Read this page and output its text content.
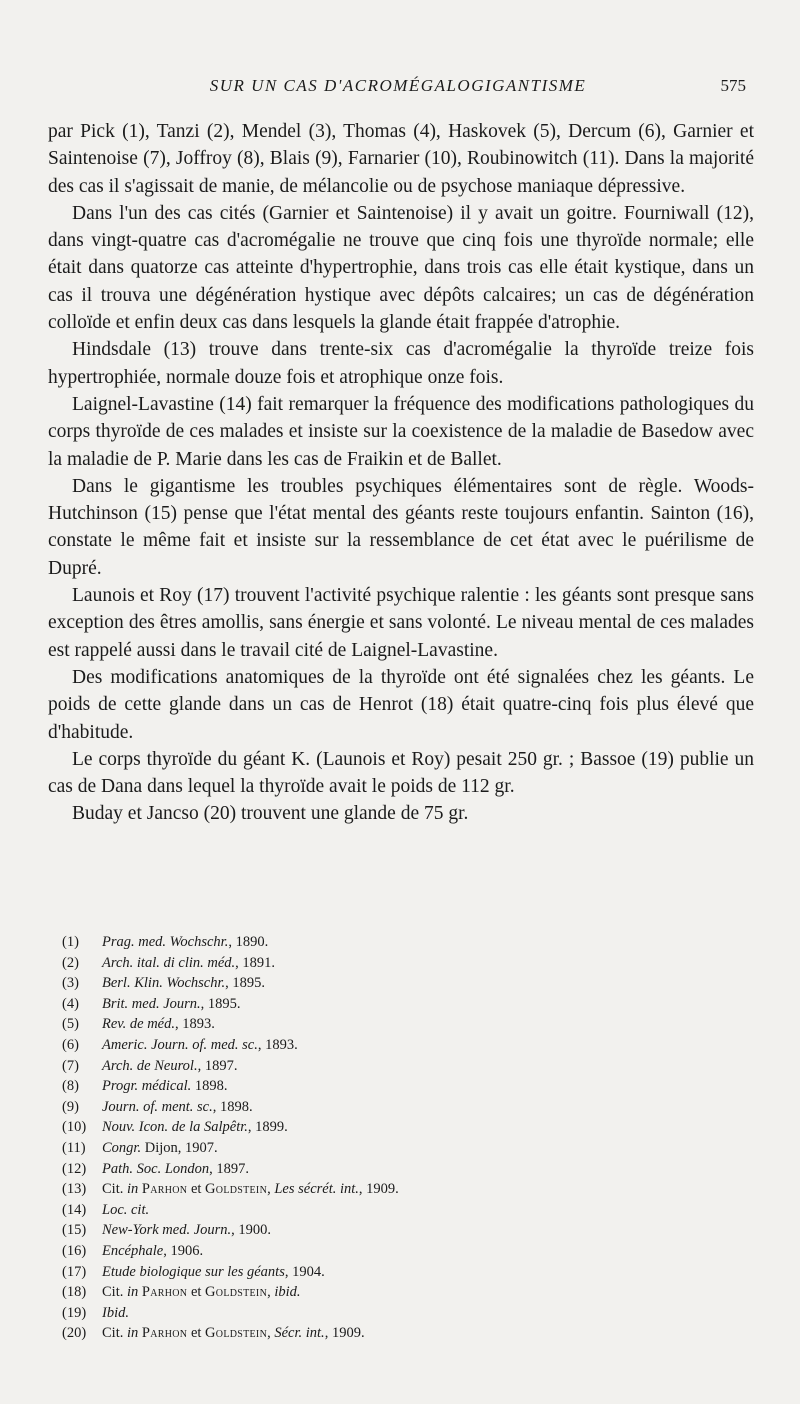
SUR UN CAS D'ACROMÉGALOGIGANTISME	575

par Pick (1), Tanzi (2), Mendel (3), Thomas (4), Haskovek (5), Dercum (6), Garnier et Saintenoise (7), Joffroy (8), Blais (9), Farnarier (10), Roubinowitch (11). Dans la majorité des cas il s'agissait de manie, de mélancolie ou de psychose maniaque dépressive.

Dans l'un des cas cités (Garnier et Saintenoise) il y avait un goitre. Fourniwall (12), dans vingt-quatre cas d'acromégalie ne trouve que cinq fois une thyroïde normale; elle était dans quatorze cas atteinte d'hypertrophie, dans trois cas elle était kystique, dans un cas il trouva une dégénération hystique avec dépôts calcaires; un cas de dégénération colloïde et enfin deux cas dans lesquels la glande était frappée d'atrophie.

Hindsdale (13) trouve dans trente-six cas d'acromégalie la thyroïde treize fois hypertrophiée, normale douze fois et atrophique onze fois.

Laignel-Lavastine (14) fait remarquer la fréquence des modifications pathologiques du corps thyroïde de ces malades et insiste sur la coexistence de la maladie de Basedow avec la maladie de P. Marie dans les cas de Fraikin et de Ballet.

Dans le gigantisme les troubles psychiques élémentaires sont de règle. Woods-Hutchinson (15) pense que l'état mental des géants reste toujours enfantin. Sainton (16), constate le même fait et insiste sur la ressemblance de cet état avec le puérilisme de Dupré.

Launois et Roy (17) trouvent l'activité psychique ralentie : les géants sont presque sans exception des êtres amollis, sans énergie et sans volonté. Le niveau mental de ces malades est rappelé aussi dans le travail cité de Laignel-Lavastine.

Des modifications anatomiques de la thyroïde ont été signalées chez les géants. Le poids de cette glande dans un cas de Henrot (18) était quatre-cinq fois plus élevé que d'habitude.

Le corps thyroïde du géant K. (Launois et Roy) pesait 250 gr. ; Bassoe (19) publie un cas de Dana dans lequel la thyroïde avait le poids de 112 gr.

Buday et Jancso (20) trouvent une glande de 75 gr.

(1)	Prag. med. Wochschr., 1890.
(2)	Arch. ital. di clin. méd., 1891.
(3)	Berl. Klin. Wochschr., 1895.
(4)	Brit. med. Journ., 1895.
(5)	Rev. de méd., 1893.
(6)	Americ. Journ. of. med. sc., 1893.
(7)	Arch. de Neurol., 1897.
(8)	Progr. médical. 1898.
(9)	Journ. of. ment. sc., 1898.
(10)	Nouv. Icon. de la Salpêtr., 1899.
(11)	Congr. Dijon, 1907.
(12)	Path. Soc. London, 1897.
(13)	Cit. in Parhon et Goldstein, Les sécrét. int., 1909.
(14)	Loc. cit.
(15)	New-York med. Journ., 1900.
(16)	Encéphale, 1906.
(17)	Etude biologique sur les géants, 1904.
(18)	Cit. in Parhon et Goldstein, ibid.
(19)	Ibid.
(20)	Cit. in Parhon et Goldstein, Sécr. int., 1909.
